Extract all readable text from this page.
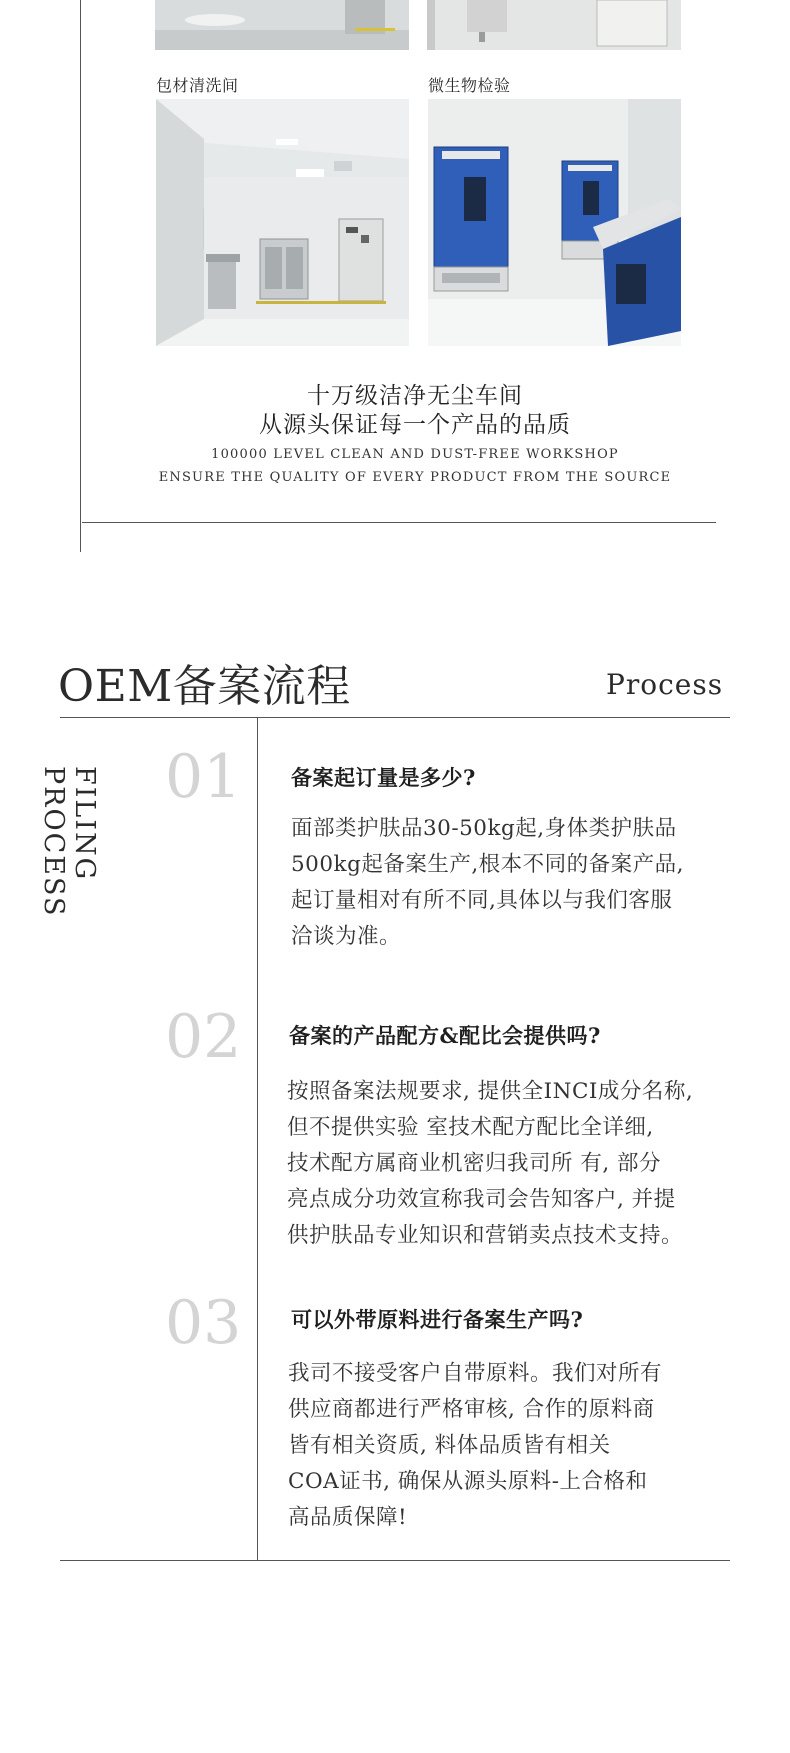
包材清洗间	微生物检验
十万级洁净无尘车间
从源头保证每一个产品的品质
100000 LEVEL CLEAN AND DUST-FREE WORKSHOP
ENSURE THE QUALITY OF EVERY PRODUCT FROM THE SOURCE
OEM备案流程	Process
FILING PROCESS	01 备案起订量是多少?
面部类护肤品30-50kg起,身体类护肤品
500kg起备案生产,根本不同的备案产品,
起订量相对有所不同,具体以与我们客服
洽谈为准。
02 备案的产品配方&配比会提供吗?
按照备案法规要求, 提供全INCI成分名称,
但不提供实验 室技术配方配比全详细,
技术配方属商业机密归我司所 有, 部分
亮点成分功效宣称我司会告知客户, 并提
供护肤品专业知识和营销卖点技术支持。
03 可以外带原料进行备案生产吗?
我司不接受客户自带原料。我们对所有
供应商都进行严格审核, 合作的原料商
皆有相关资质, 料体品质皆有相关
COA证书, 确保从源头原料-上合格和
高品质保障!
